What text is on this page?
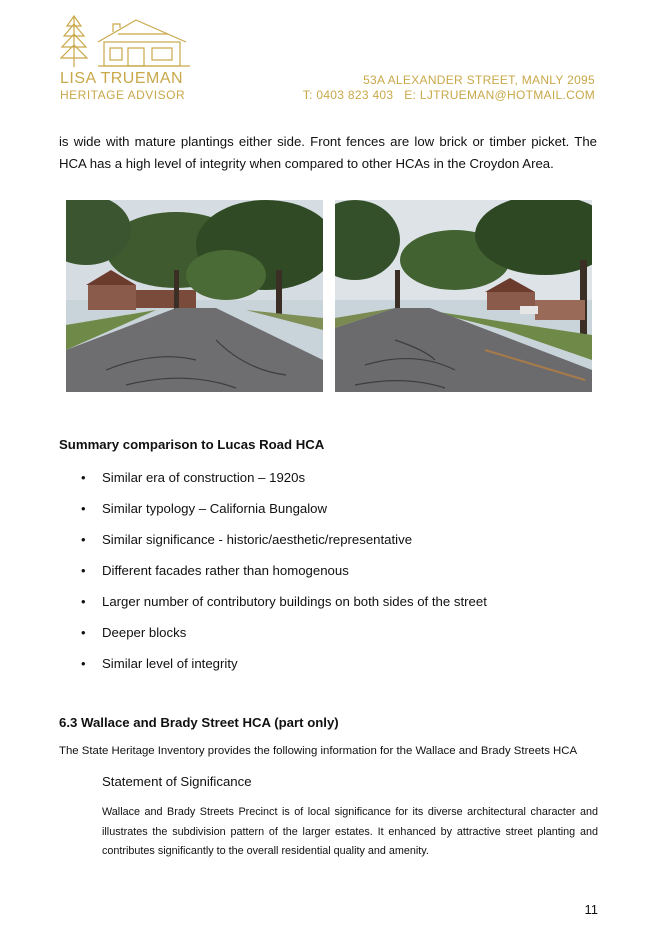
LISA TRUEMAN
HERITAGE ADVISOR
53A ALEXANDER STREET, MANLY 2095
T: 0403 823 403   E: LJTRUEMAN@HOTMAIL.COM
is wide with mature plantings either side. Front fences are low brick or timber picket. The HCA has a high level of integrity when compared to other HCAs in the Croydon Area.
Summary comparison to Lucas Road HCA
• Similar era of construction – 1920s
• Similar typology – California Bungalow
• Similar significance - historic/aesthetic/representative
• Different facades rather than homogenous
• Larger number of contributory buildings on both sides of the street
• Deeper blocks
• Similar level of integrity
6.3 Wallace and Brady Street HCA (part only)
The State Heritage Inventory provides the following information for the Wallace and Brady Streets HCA
Statement of Significance
Wallace and Brady Streets Precinct is of local significance for its diverse architectural character and illustrates the subdivision pattern of the larger estates. It enhanced by attractive street planting and contributes significantly to the overall residential quality and amenity.
11
